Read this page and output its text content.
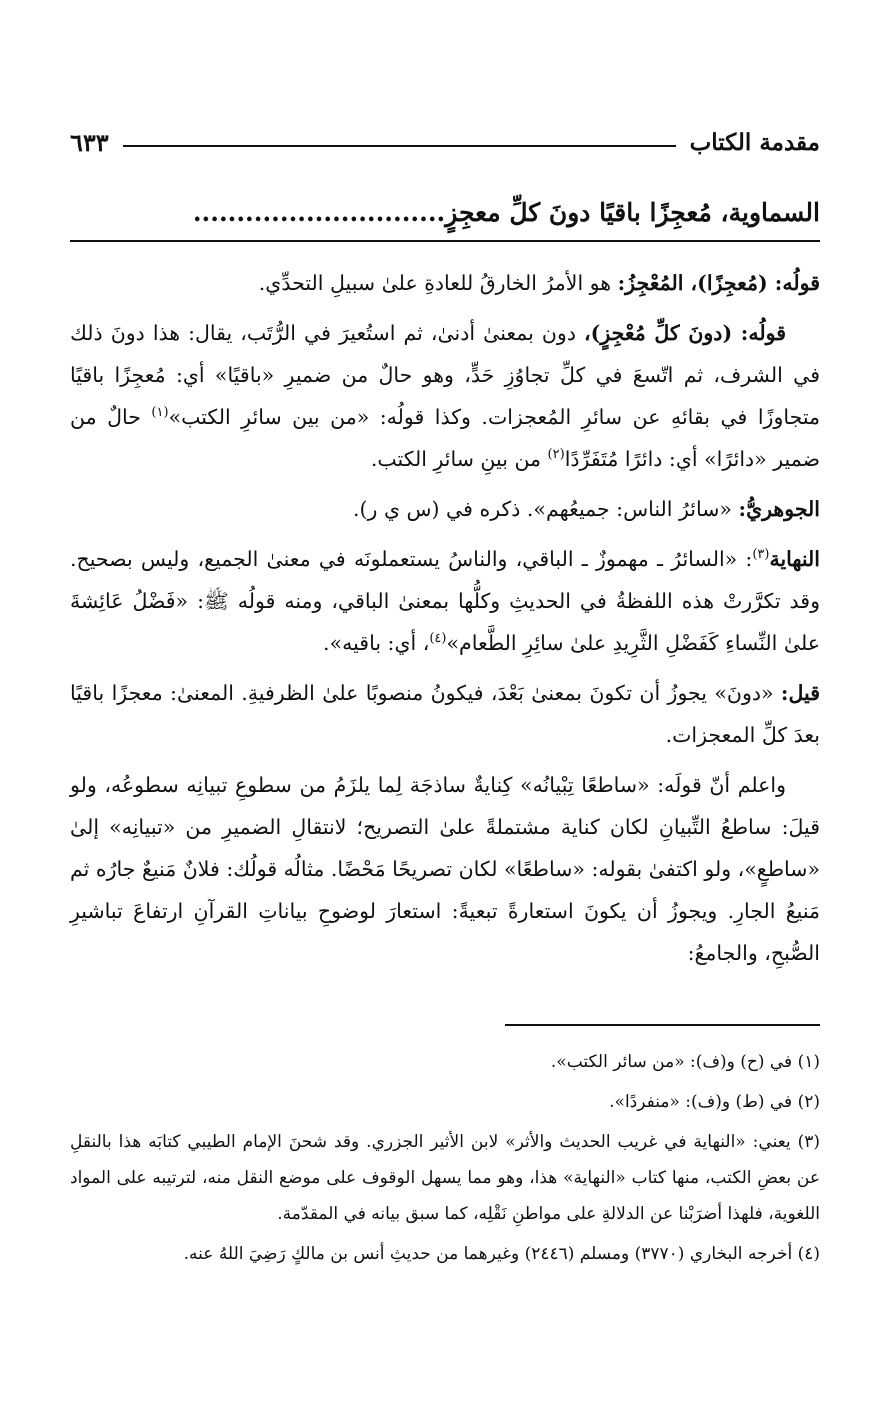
مقدمة الكتاب
٦٣٣
السماوية، مُعجِزًا باقيًا دونَ كلِّ معجِزٍ.............................

قولُه: (مُعجِزًا)، المُعْجِزُ: هو الأمرُ الخارقُ للعادةِ علىٰ سبيلِ التحدِّي.

قولُه: (دونَ كلِّ مُعْجِزٍ)، دون بمعنىٰ أدنىٰ، ثم استُعيرَ في الرُّتَب، يقال: هذا دونَ ذلك في الشرف، ثم اتّسعَ في كلِّ تجاوُزِ حَدٍّ، وهو حالٌ من ضميرِ «باقيًا» أي: مُعجِزًا باقيًا متجاوزًا في بقائهِ عن سائرِ المُعجزات. وكذا قولُه: «من بين سائرِ الكتب»$^{(١)}$ حالٌ من ضمير «دائرًا» أي: دائرًا مُتَفَرِّدًا$^{(٢)}$ من بينِ سائرِ الكتب.

الجوهريُّ: «سائرُ الناس: جميعُهم». ذكره في (س ي ر).

النهاية$^{(٣)}$: «السائرُ ـ مهموزٌ ـ الباقي، والناسُ يستعملونَه في معنىٰ الجميع، وليس بصحيح. وقد تكرَّرتْ هذه اللفظةُ في الحديثِ وكلُّها بمعنىٰ الباقي، ومنه قولُه ﷺ: «فَضْلُ عَائِشةَ علىٰ النِّساءِ كَفَضْلِ الثَّرِيدِ علىٰ سائِرِ الطَّعام»$^{(٤)}$، أي: باقيه».

قيل: «دونَ» يجوزُ أن تكونَ بمعنىٰ بَعْدَ، فيكونُ منصوبًا علىٰ الظرفيةِ. المعنىٰ: معجزًا باقيًا بعدَ كلِّ المعجزات.

واعلم أنّ قولَه: «ساطعًا تِبْيانُه» كِنايةٌ ساذجَة لِما يلزَمُ من سطوعِ تبيانِه سطوعُه، ولو قيلَ: ساطعُ التِّبيانِ لكان كناية مشتملةً علىٰ التصريح؛ لانتقالِ الضميرِ من «تبيانِه» إلىٰ «ساطعٍ»، ولو اكتفىٰ بقوله: «ساطعًا» لكان تصريحًا مَحْضًا. مثالُه قولُك: فلانٌ مَنيعٌ جارُه ثم مَنيعُ الجارِ. ويجوزُ أن يكونَ استعارةً تبعيةً: استعارَ لوضوحِ بياناتِ القرآنِ ارتفاعَ تباشيرِ الصُّبحِ، والجامعُ:

(١) في (ح) و(ف): «من سائر الكتب».

(٢) في (ط) و(ف): «منفردًا».

(٣) يعني: «النهاية في غريب الحديث والأثر» لابن الأثير الجزري. وقد شحنَ الإمام الطيبي كتابَه هذا بالنقلِ عن بعضِ الكتب، منها كتاب «النهاية» هذا، وهو مما يسهل الوقوف على موضع النقل منه، لترتيبه على المواد اللغوية، فلهذا أضرَبْنا عن الدلالةِ على مواطنِ نَقْلِه، كما سبق بيانه في المقدّمة.

(٤) أخرجه البخاري (٣٧٧٠) ومسلم (٢٤٤٦) وغيرهما من حديثِ أنس بن مالكٍ رَضِيَ اللهُ عنه.
